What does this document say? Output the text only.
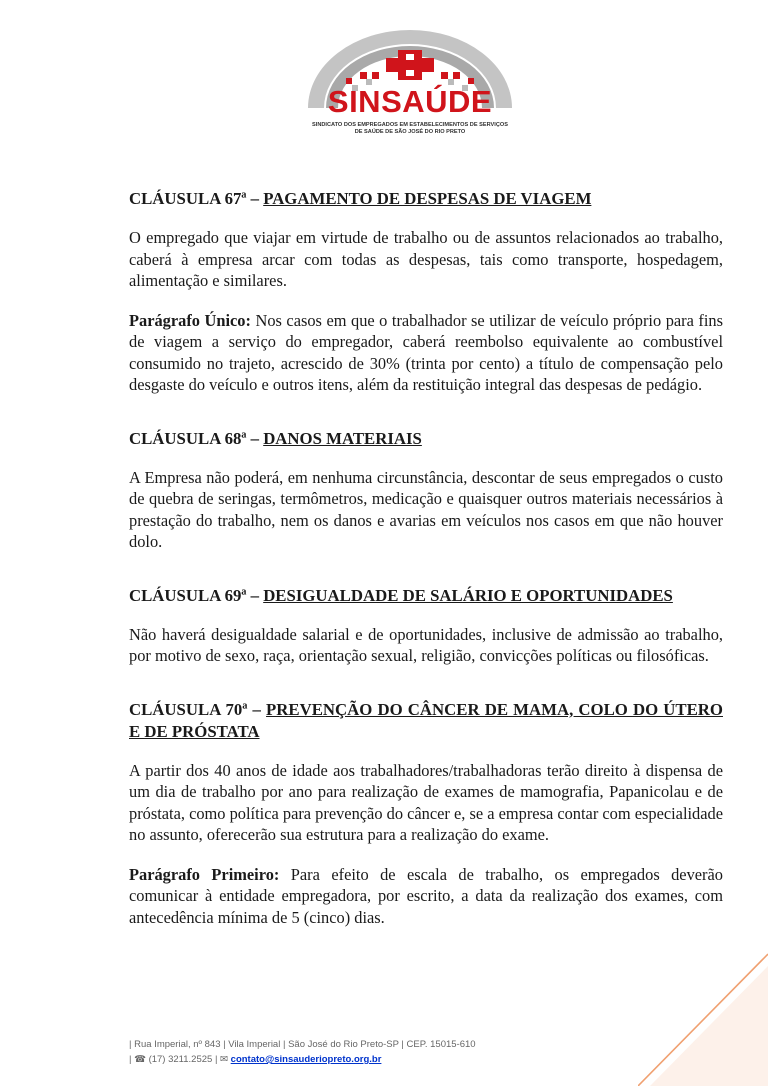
SINSAÚDE
SINDICATO DOS EMPREGADOS EM ESTABELECIMENTOS DE SERVIÇOS
DE SAÚDE DE SÃO JOSÉ DO RIO PRETO
CLÁUSULA 67ª – PAGAMENTO DE DESPESAS DE VIAGEM

O empregado que viajar em virtude de trabalho ou de assuntos relacionados ao trabalho, caberá à empresa arcar com todas as despesas, tais como transporte, hospedagem, alimentação e similares.

Parágrafo Único: Nos casos em que o trabalhador se utilizar de veículo próprio para fins de viagem a serviço do empregador, caberá reembolso equivalente ao combustível consumido no trajeto, acrescido de 30% (trinta por cento) a título de compensação pelo desgaste do veículo e outros itens, além da restituição integral das despesas de pedágio.

CLÁUSULA 68ª – DANOS MATERIAIS

A Empresa não poderá, em nenhuma circunstância, descontar de seus empregados o custo de quebra de seringas, termômetros, medicação e quaisquer outros materiais necessários à prestação do trabalho, nem os danos e avarias em veículos nos casos em que não houver dolo.

CLÁUSULA 69ª – DESIGUALDADE DE SALÁRIO E OPORTUNIDADES

Não haverá desigualdade salarial e de oportunidades, inclusive de admissão ao trabalho, por motivo de sexo, raça, orientação sexual, religião, convicções políticas ou filosóficas.

CLÁUSULA 70ª – PREVENÇÃO DO CÂNCER DE MAMA, COLO DO ÚTERO E DE PRÓSTATA

A partir dos 40 anos de idade aos trabalhadores/trabalhadoras terão direito à dispensa de um dia de trabalho por ano para realização de exames de mamografia, Papanicolau e de próstata, como política para prevenção do câncer e, se a empresa contar com especialidade no assunto, oferecerão sua estrutura para a realização do exame.

Parágrafo Primeiro: Para efeito de escala de trabalho, os empregados deverão comunicar à entidade empregadora, por escrito, a data da realização dos exames, com antecedência mínima de 5 (cinco) dias.

| Rua Imperial, nº 843 | Vila Imperial | São José do Rio Preto-SP | CEP. 15015-610
| ☎ (17) 3211.2525 | ✉ contato@sinsauderiopreto.org.br
